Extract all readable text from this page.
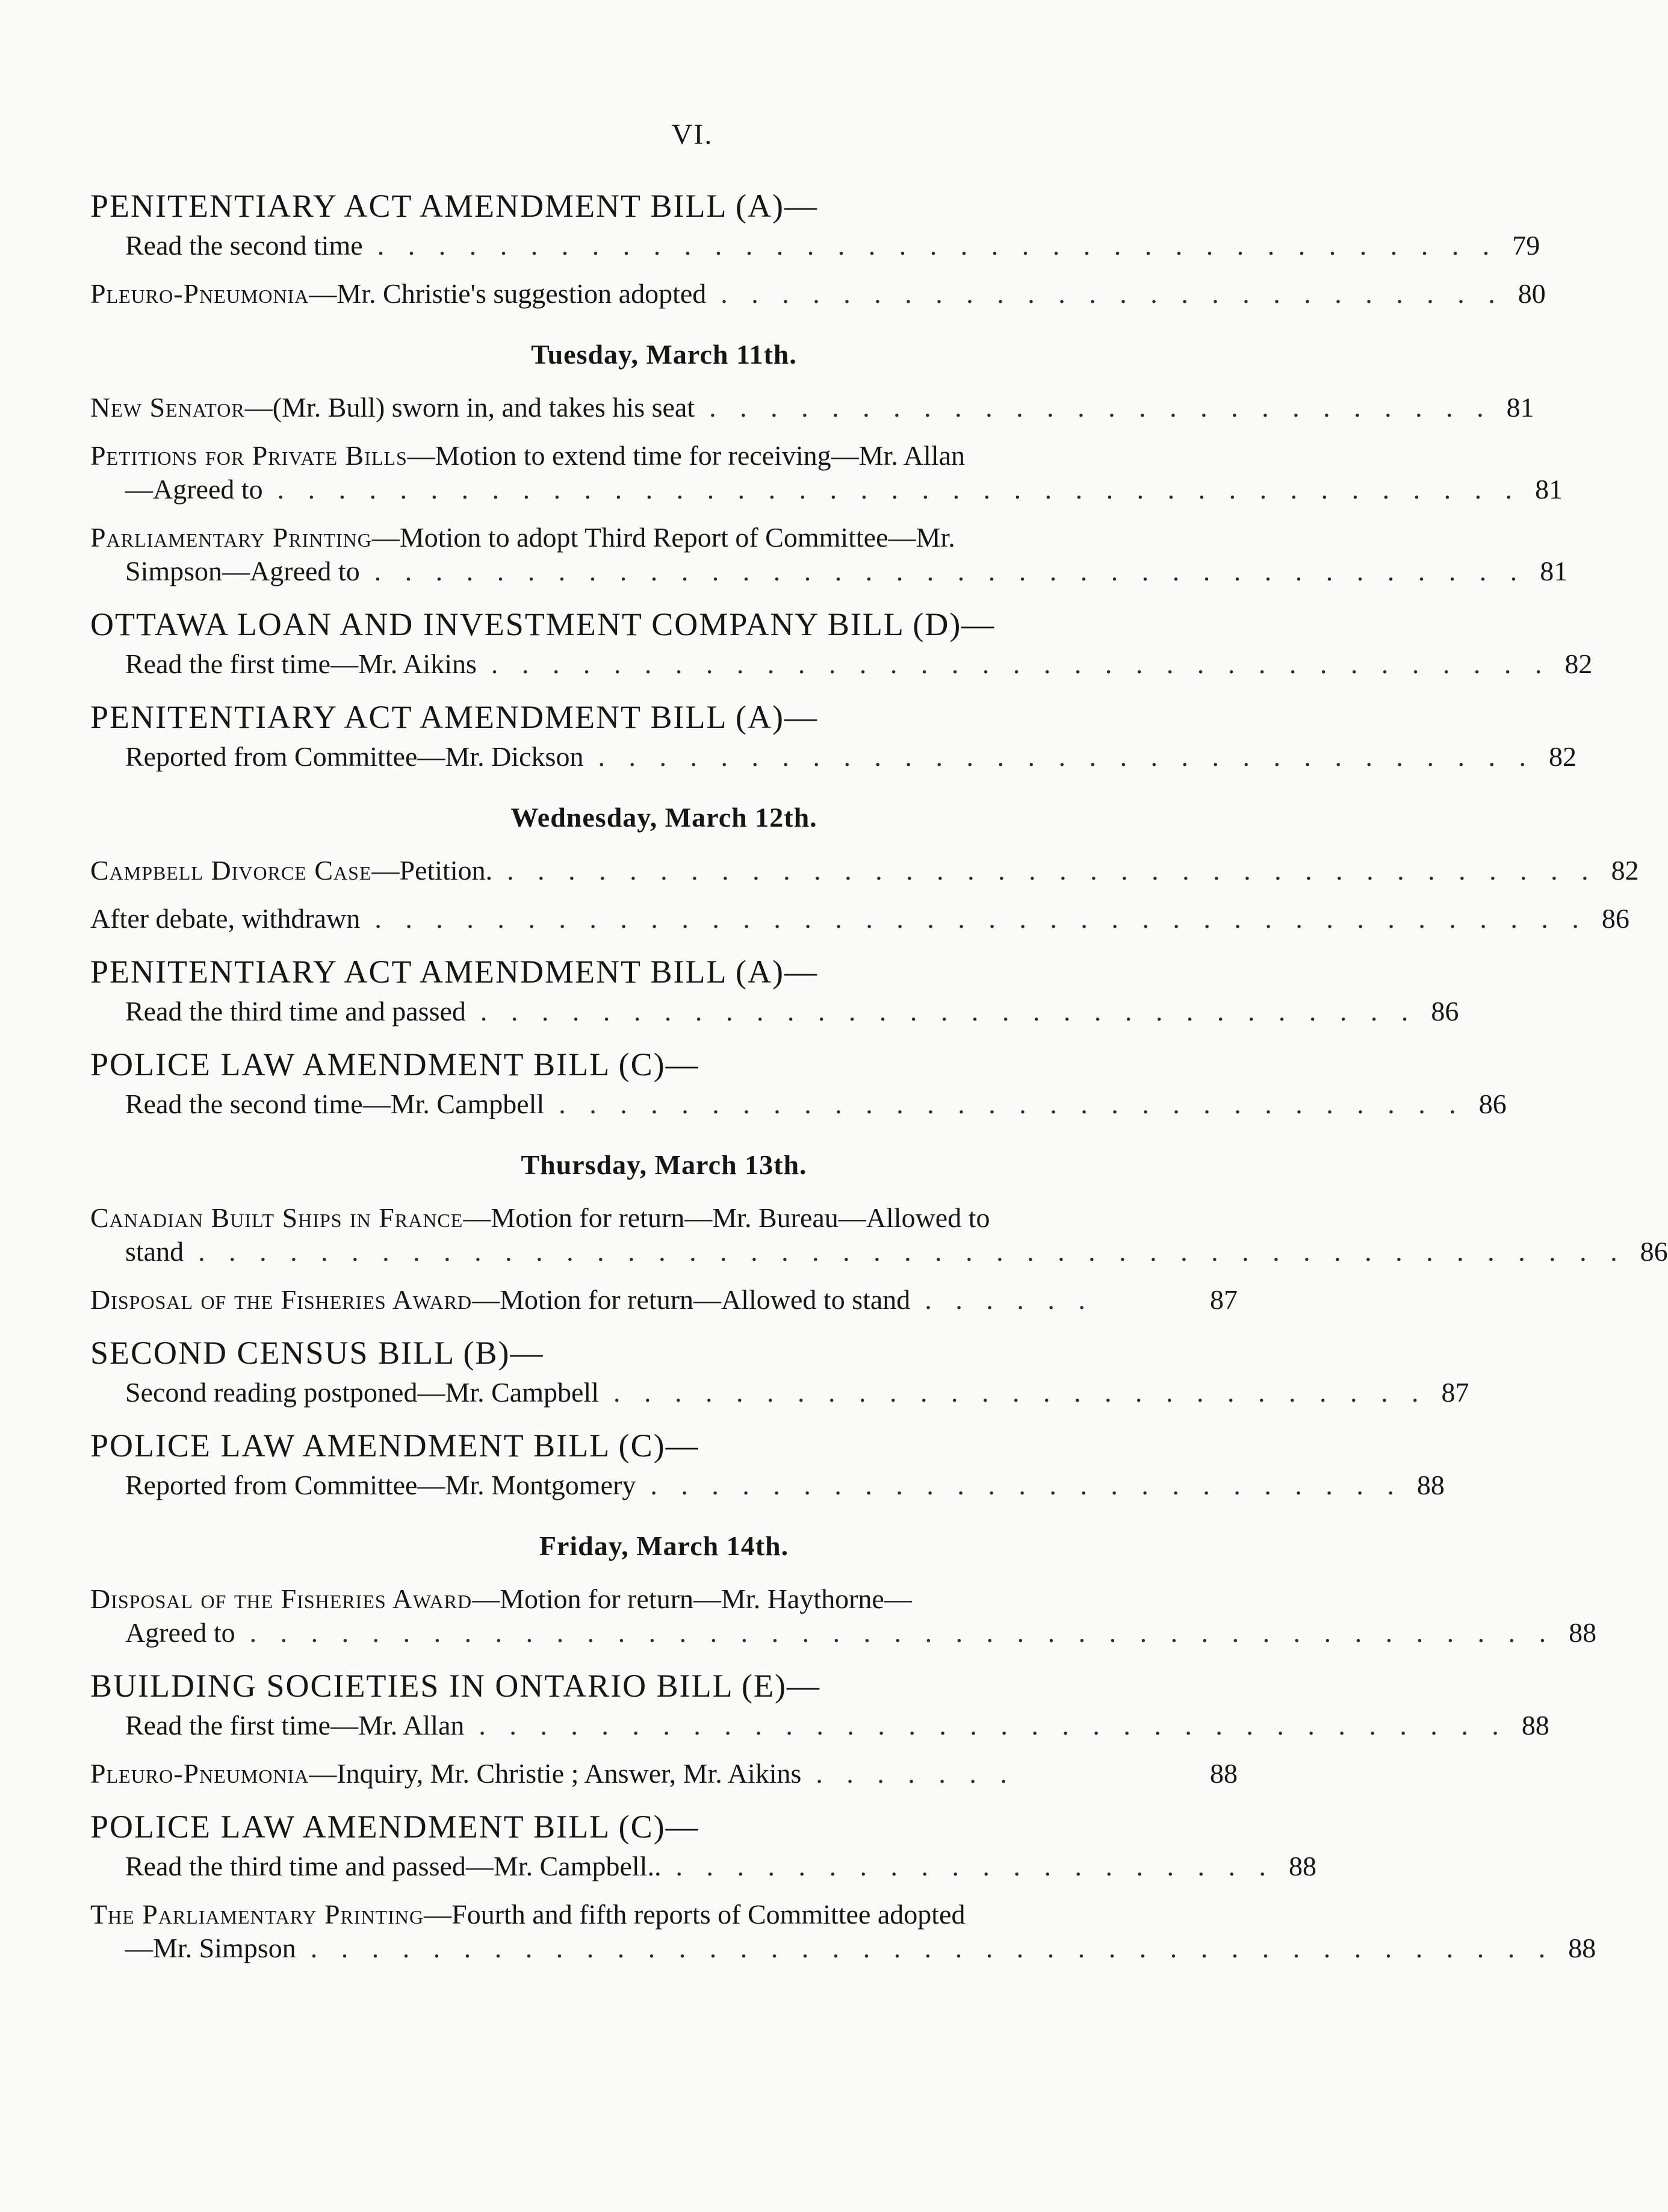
VI.
PENITENTIARY ACT AMENDMENT BILL (A)—
Read the second time . . . . . . . . . . . . . . . . . . . . . . . . . . . . . . . . . . . . . 79
Pleuro-Pneumonia—Mr. Christie's suggestion adopted . . . . . . . . . . . . . . . . . . . . . . . . . . 80
Tuesday, March 11th.
New Senator—(Mr. Bull) sworn in, and takes his seat . . . . . . . . . . . . . . . . . . . . . . . . . . 81
Petitions for Private Bills—Motion to extend time for receiving—Mr. Allan
—Agreed to . . . . . . . . . . . . . . . . . . . . . . . . . . . . . . . . . . . . . . . . . 81
Parliamentary Printing—Motion to adopt Third Report of Committee—Mr.
Simpson—Agreed to . . . . . . . . . . . . . . . . . . . . . . . . . . . . . . . . . . . . . . 81
OTTAWA LOAN AND INVESTMENT COMPANY BILL (D)—
Read the first time—Mr. Aikins . . . . . . . . . . . . . . . . . . . . . . . . . . . . . . . . . . . 82
PENITENTIARY ACT AMENDMENT BILL (A)—
Reported from Committee—Mr. Dickson . . . . . . . . . . . . . . . . . . . . . . . . . . . . . . . 82
Wednesday, March 12th.
Campbell Divorce Case—Petition. . . . . . . . . . . . . . . . . . . . . . . . . . . . . . . . . . . . . 82
After debate, withdrawn . . . . . . . . . . . . . . . . . . . . . . . . . . . . . . . . . . . . . . . . 86
PENITENTIARY ACT AMENDMENT BILL (A)—
Read the third time and passed . . . . . . . . . . . . . . . . . . . . . . . . . . . . . . . 86
POLICE LAW AMENDMENT BILL (C)—
Read the second time—Mr. Campbell . . . . . . . . . . . . . . . . . . . . . . . . . . . . . . 86
Thursday, March 13th.
Canadian Built Ships in France—Motion for return—Mr. Bureau—Allowed to
stand . . . . . . . . . . . . . . . . . . . . . . . . . . . . . . . . . . . . . . . . . . . . . . . 86
Disposal of the Fisheries Award—Motion for return—Allowed to stand . . . . . .	87
SECOND CENSUS BILL (B)—
Second reading postponed—Mr. Campbell . . . . . . . . . . . . . . . . . . . . . . . . . . . 87
POLICE LAW AMENDMENT BILL (C)—
Reported from Committee—Mr. Montgomery . . . . . . . . . . . . . . . . . . . . . . . . . 88
Friday, March 14th.
Disposal of the Fisheries Award—Motion for return—Mr. Haythorne—
Agreed to . . . . . . . . . . . . . . . . . . . . . . . . . . . . . . . . . . . . . . . . . . . 88
BUILDING SOCIETIES IN ONTARIO BILL (E)—
Read the first time—Mr. Allan . . . . . . . . . . . . . . . . . . . . . . . . . . . . . . . . . . 88
Pleuro-Pneumonia—Inquiry, Mr. Christie ; Answer, Mr. Aikins . . . . . . .	88
POLICE LAW AMENDMENT BILL (C)—
Read the third time and passed—Mr. Campbell.. . . . . . . . . . . . . . . . . . . . . 88
The Parliamentary Printing—Fourth and fifth reports of Committee adopted
—Mr. Simpson . . . . . . . . . . . . . . . . . . . . . . . . . . . . . . . . . . . . . . . . . 88
